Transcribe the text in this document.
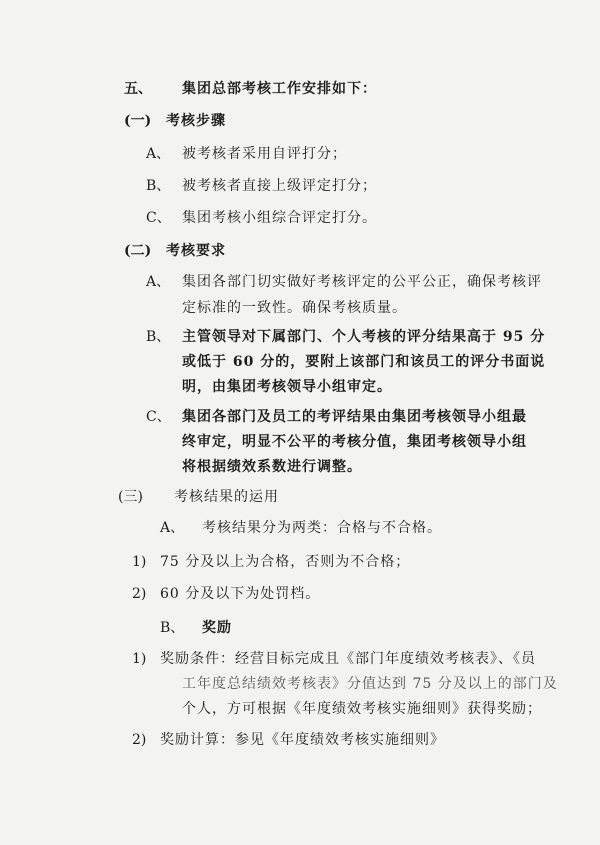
五、 集团总部考核工作安排如下：
(一) 考核步骤
A、 被考核者采用自评打分；
B、 被考核者直接上级评定打分；
C、 集团考核小组综合评定打分。
(二) 考核要求
A、 集团各部门切实做好考核评定的公平公正，确保考核评
定标准的一致性。确保考核质量。
B、 主管领导对下属部门、个人考核的评分结果高于 95 分
或低于 60 分的，要附上该部门和该员工的评分书面说
明，由集团考核领导小组审定。
C、 集团各部门及员工的考评结果由集团考核领导小组最
终审定，明显不公平的考核分值，集团考核领导小组
将根据绩效系数进行调整。
(三) 考核结果的运用
A、 考核结果分为两类：合格与不合格。
1) 75 分及以上为合格，否则为不合格；
2) 60 分及以下为处罚档。
B、 奖励
1) 奖励条件：经营目标完成且《部门年度绩效考核表》、《员
工年度总结绩效考核表》分值达到 75 分及以上的部门及
个人，方可根据《年度绩效考核实施细则》获得奖励；
2) 奖励计算：参见《年度绩效考核实施细则》
